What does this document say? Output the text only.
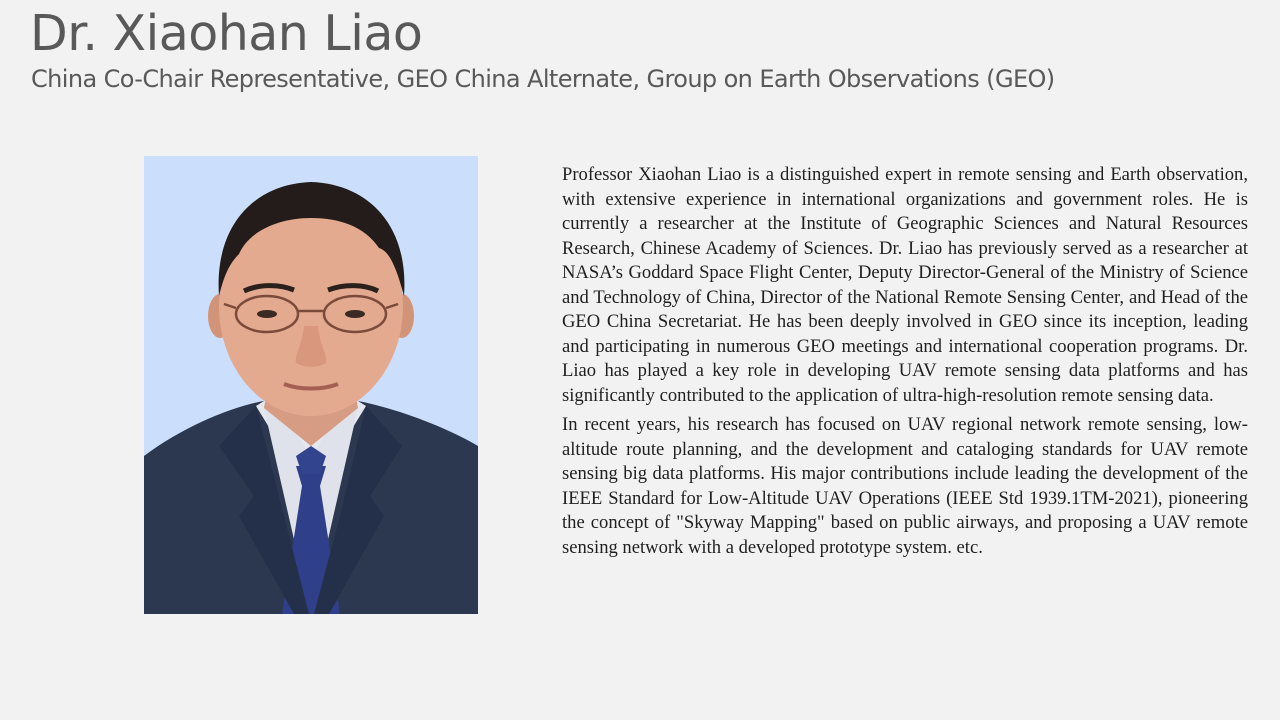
Dr. Xiaohan Liao
China Co-Chair Representative, GEO China Alternate, Group on Earth Observations (GEO)

Professor Xiaohan Liao is a distinguished expert in remote sensing and Earth observation, with extensive experience in international organizations and government roles. He is currently a researcher at the Institute of Geographic Sciences and Natural Resources Research, Chinese Academy of Sciences. Dr. Liao has previously served as a researcher at NASA’s Goddard Space Flight Center, Deputy Director-General of the Ministry of Science and Technology of China, Director of the National Remote Sensing Center, and Head of the GEO China Secretariat. He has been deeply involved in GEO since its inception, leading and participating in numerous GEO meetings and international cooperation programs. Dr. Liao has played a key role in developing UAV remote sensing data platforms and has significantly contributed to the application of ultra-high-resolution remote sensing data.

In recent years, his research has focused on UAV regional network remote sensing, low-altitude route planning, and the development and cataloging standards for UAV remote sensing big data platforms. His major contributions include leading the development of the IEEE Standard for Low-Altitude UAV Operations (IEEE Std 1939.1TM-2021), pioneering the concept of "Skyway Mapping" based on public airways, and proposing a UAV remote sensing network with a developed prototype system. etc.
